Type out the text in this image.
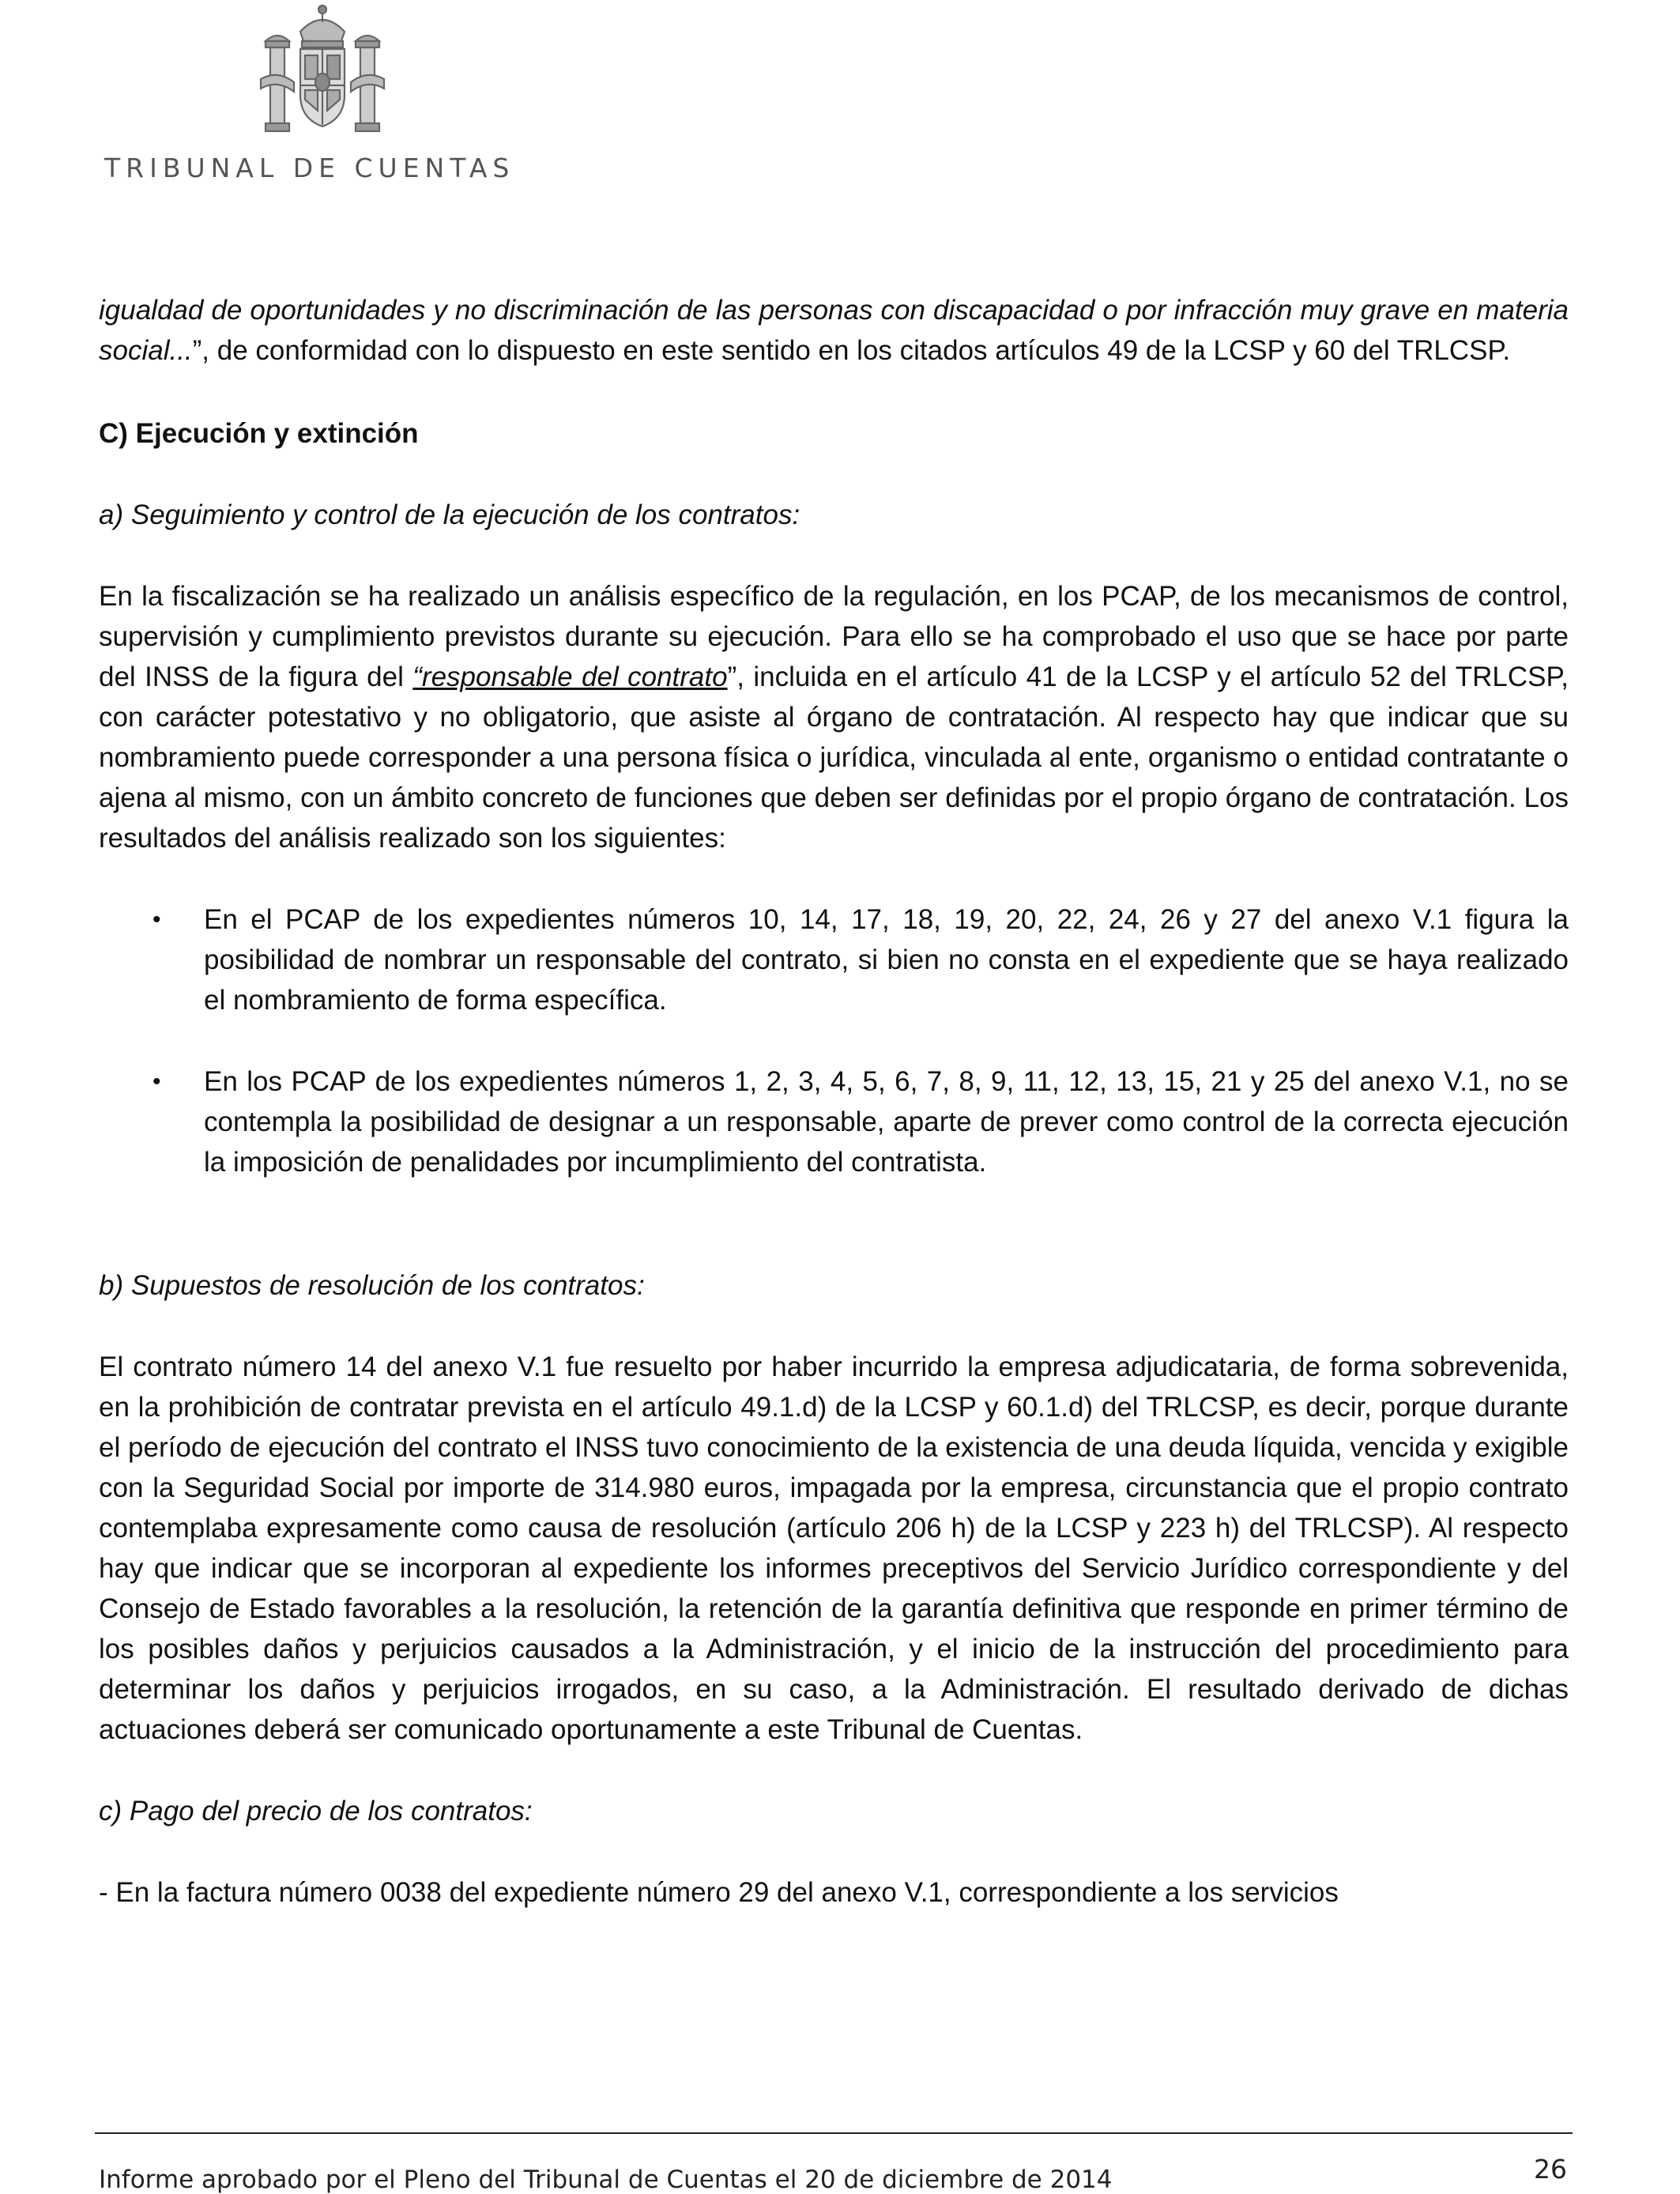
TRIBUNAL DE CUENTAS

igualdad de oportunidades y no discriminación de las personas con discapacidad o por infracción muy grave en materia social...”, de conformidad con lo dispuesto en este sentido en los citados artículos 49 de la LCSP y 60 del TRLCSP.

C) Ejecución y extinción

a) Seguimiento y control de la ejecución de los contratos:

En la fiscalización se ha realizado un análisis específico de la regulación, en los PCAP, de los mecanismos de control, supervisión y cumplimiento previstos durante su ejecución. Para ello se ha comprobado el uso que se hace por parte del INSS de la figura del “responsable del contrato”, incluida en el artículo 41 de la LCSP y el artículo 52 del TRLCSP, con carácter potestativo y no obligatorio, que asiste al órgano de contratación. Al respecto hay que indicar que su nombramiento puede corresponder a una persona física o jurídica, vinculada al ente, organismo o entidad contratante o ajena al mismo, con un ámbito concreto de funciones que deben ser definidas por el propio órgano de contratación. Los resultados del análisis realizado son los siguientes:

• En el PCAP de los expedientes números 10, 14, 17, 18, 19, 20, 22, 24, 26 y 27 del anexo V.1 figura la posibilidad de nombrar un responsable del contrato, si bien no consta en el expediente que se haya realizado el nombramiento de forma específica.

• En los PCAP de los expedientes números 1, 2, 3, 4, 5, 6, 7, 8, 9, 11, 12, 13, 15, 21 y 25 del anexo V.1, no se contempla la posibilidad de designar a un responsable, aparte de prever como control de la correcta ejecución la imposición de penalidades por incumplimiento del contratista.

b) Supuestos de resolución de los contratos:

El contrato número 14 del anexo V.1 fue resuelto por haber incurrido la empresa adjudicataria, de forma sobrevenida, en la prohibición de contratar prevista en el artículo 49.1.d) de la LCSP y 60.1.d) del TRLCSP, es decir, porque durante el período de ejecución del contrato el INSS tuvo conocimiento de la existencia de una deuda líquida, vencida y exigible con la Seguridad Social por importe de 314.980 euros, impagada por la empresa, circunstancia que el propio contrato contemplaba expresamente como causa de resolución (artículo 206 h) de la LCSP y 223 h) del TRLCSP). Al respecto hay que indicar que se incorporan al expediente los informes preceptivos del Servicio Jurídico correspondiente y del Consejo de Estado favorables a la resolución, la retención de la garantía definitiva que responde en primer término de los posibles daños y perjuicios causados a la Administración, y el inicio de la instrucción del procedimiento para determinar los daños y perjuicios irrogados, en su caso, a la Administración. El resultado derivado de dichas actuaciones deberá ser comunicado oportunamente a este Tribunal de Cuentas.

c) Pago del precio de los contratos:

- En la factura número 0038 del expediente número 29 del anexo V.1, correspondiente a los servicios

26
Informe aprobado por el Pleno del Tribunal de Cuentas el 20 de diciembre de 2014
